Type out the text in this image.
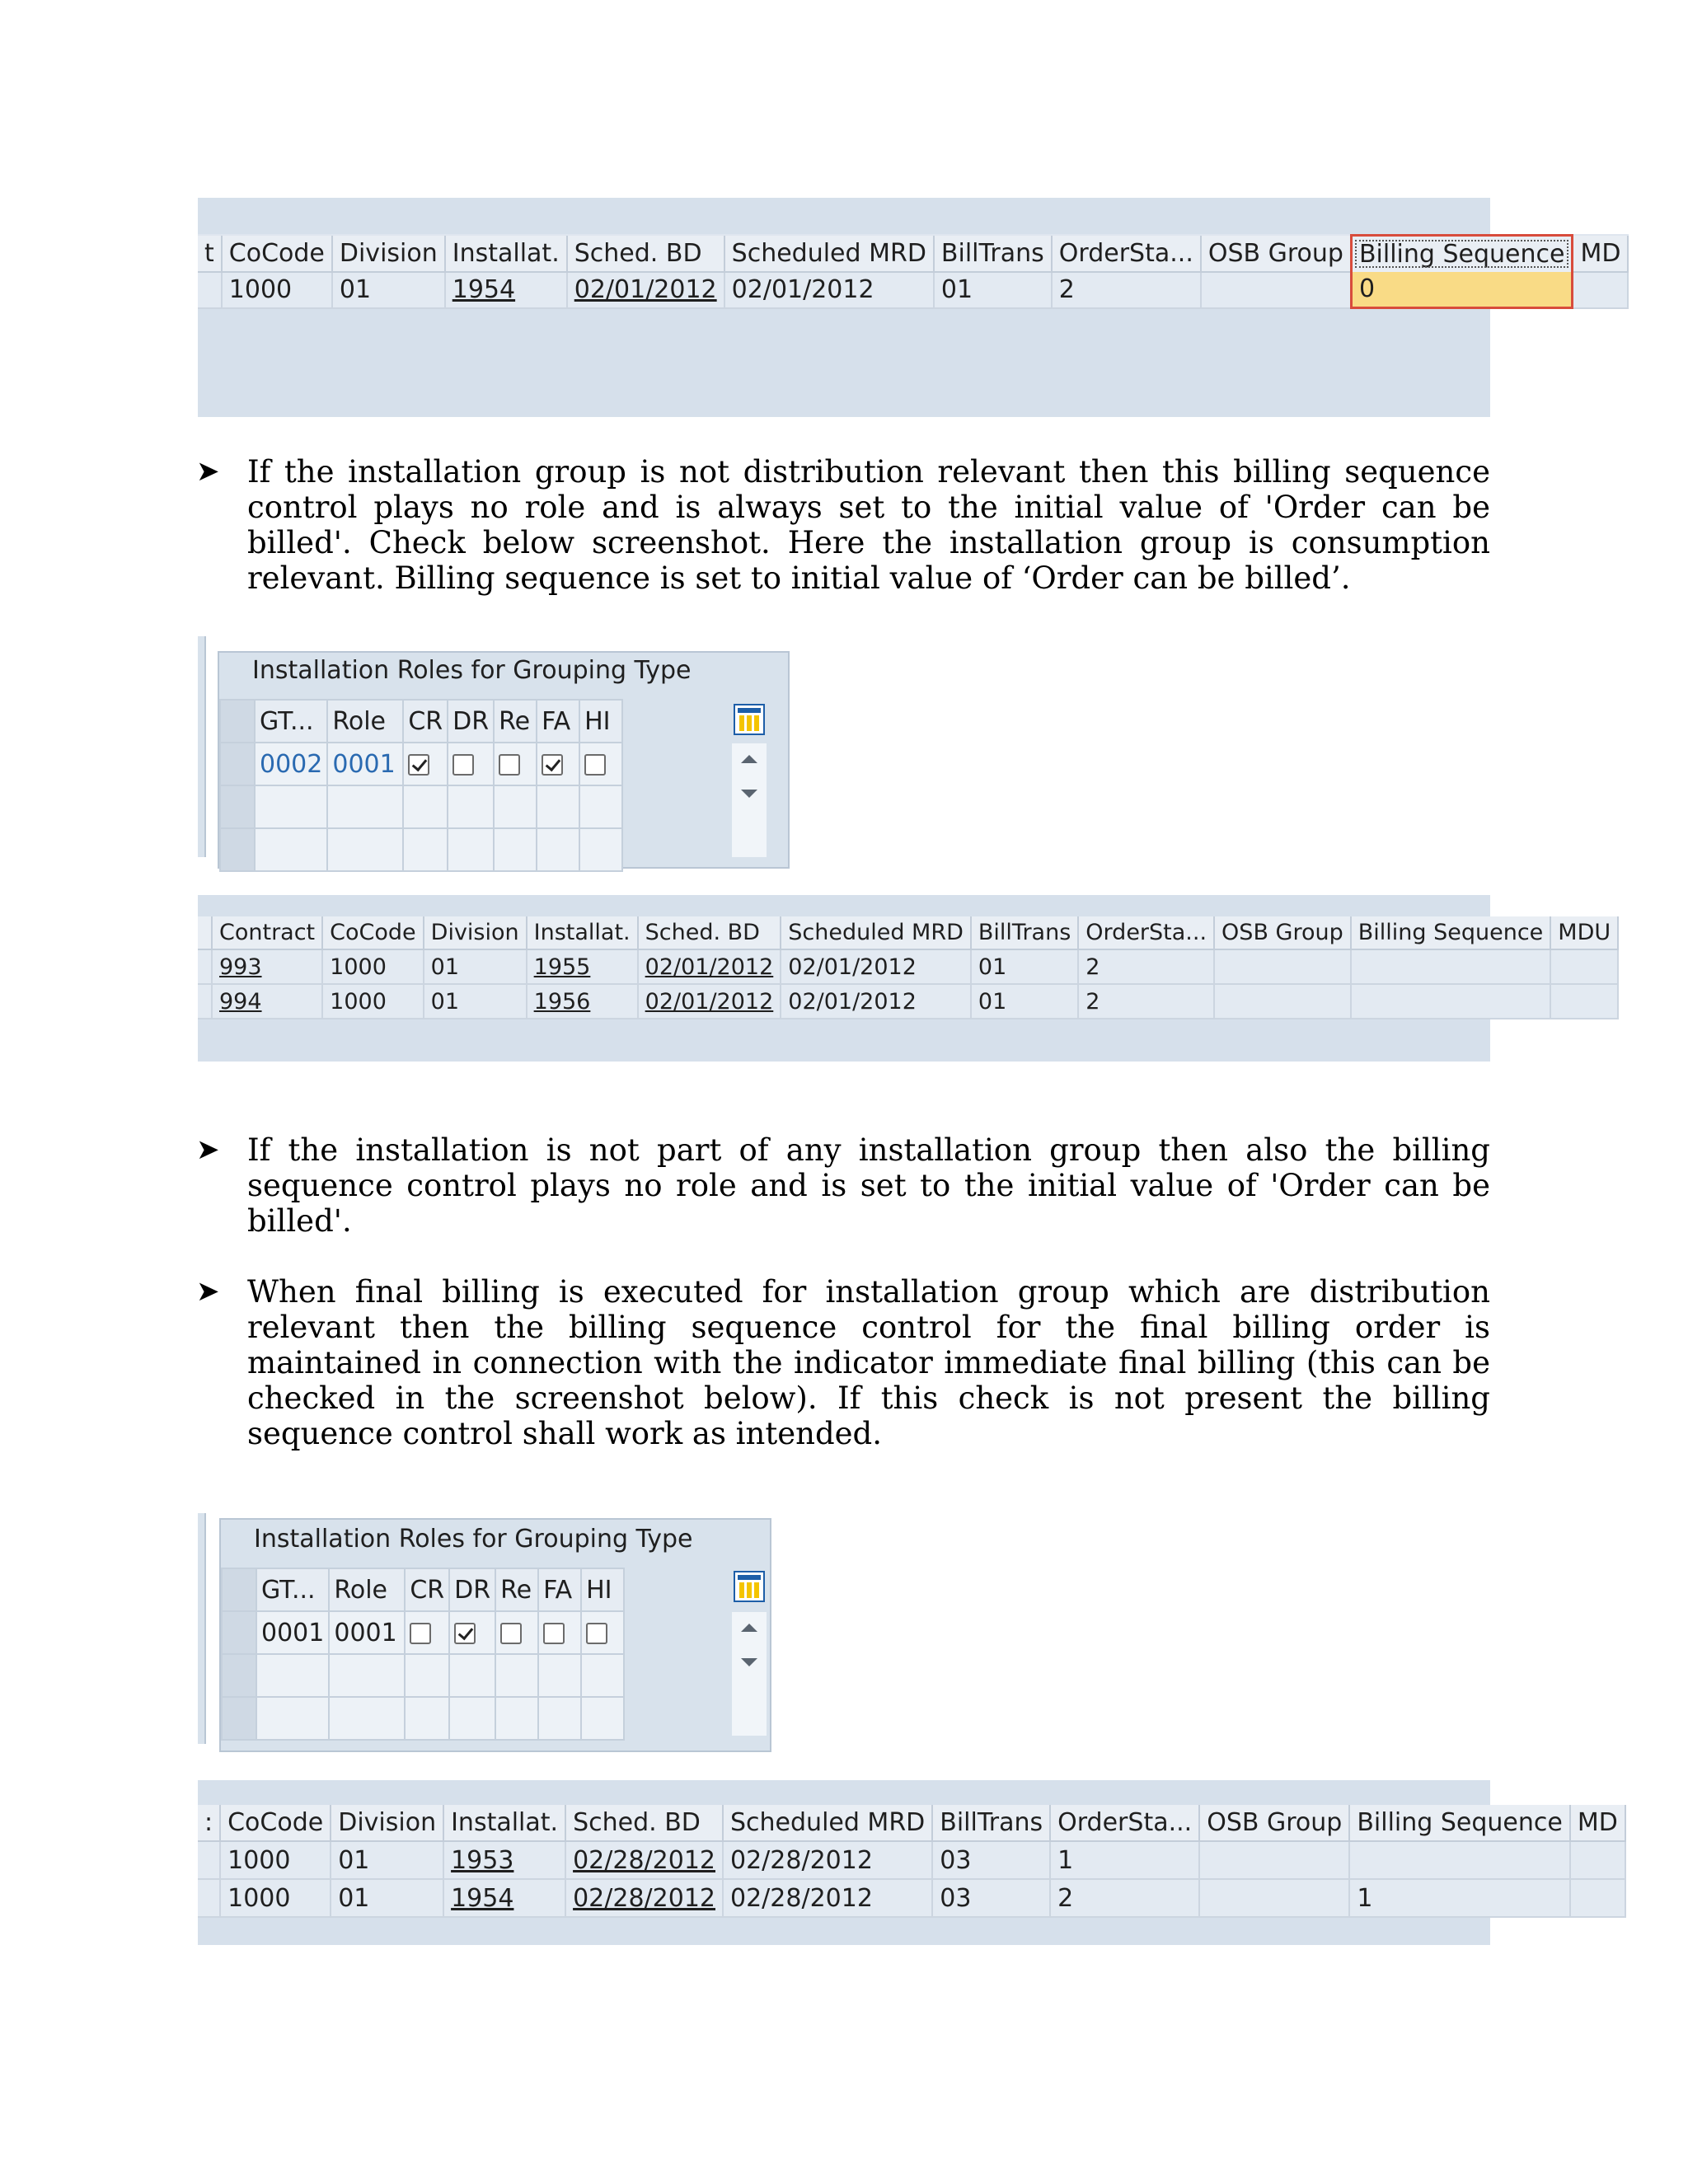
t	CoCode	Division	Installat.	Sched. BD	Scheduled MRD	BillTrans	OrderSta...	OSB Group	Billing Sequence	MD
	1000	01	1954	02/01/2012	02/01/2012	01	2		0	
➤ If the installation group is not distribution relevant then this billing sequence control plays no role and is always set to the initial value of 'Order can be billed'. Check below screenshot. Here the installation group is consumption relevant. Billing sequence is set to initial value of ‘Order can be billed’.
Installation Roles for Grouping Type
	GT...	Role	CR	DR	Re	FA	HI
	0002	0001					

	Contract	CoCode	Division	Installat.	Sched. BD	Scheduled MRD	BillTrans	OrderSta...	OSB Group	Billing Sequence	MDU
	993	1000	01	1955	02/01/2012	02/01/2012	01	2			
	994	1000	01	1956	02/01/2012	02/01/2012	01	2			
➤ If the installation is not part of any installation group then also the billing sequence control plays no role and is set to the initial value of 'Order can be billed'.
➤ When final billing is executed for installation group which are distribution relevant then the billing sequence control for the final billing order is maintained in connection with the indicator immediate final billing (this can be checked in the screenshot below). If this check is not present the billing sequence control shall work as intended.
Installation Roles for Grouping Type
	GT...	Role	CR	DR	Re	FA	HI
	0001	0001					

:	CoCode	Division	Installat.	Sched. BD	Scheduled MRD	BillTrans	OrderSta...	OSB Group	Billing Sequence	MD
	1000	01	1953	02/28/2012	02/28/2012	03	1			
	1000	01	1954	02/28/2012	02/28/2012	03	2		1	
